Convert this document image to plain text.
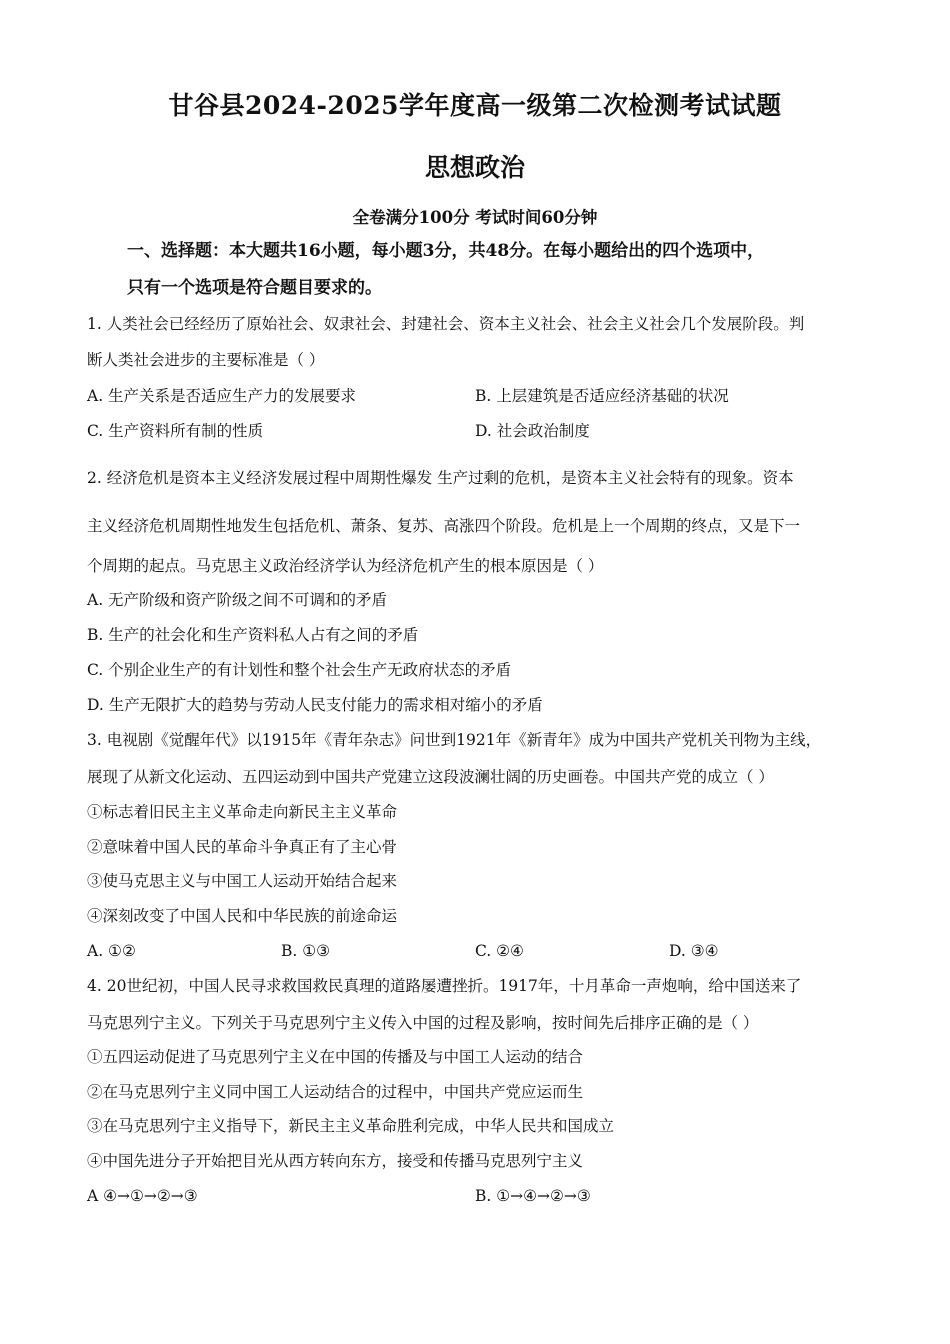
甘谷县2024-2025学年度高一级第二次检测考试试题
思想政治
全卷满分100分 考试时间60分钟
一、选择题：本大题共16小题，每小题3分，共48分。在每小题给出的四个选项中，
只有一个选项是符合题目要求的。
1. 人类社会已经经历了原始社会、奴隶社会、封建社会、资本主义社会、社会主义社会几个发展阶段。判
断人类社会进步的主要标准是（ ）
A. 生产关系是否适应生产力的发展要求	B. 上层建筑是否适应经济基础的状况
C. 生产资料所有制的性质	D. 社会政治制度
2. 经济危机是资本主义经济发展过程中周期性爆发 生产过剩的危机，是资本主义社会特有的现象。资本
主义经济危机周期性地发生包括危机、萧条、复苏、高涨四个阶段。危机是上一个周期的终点，又是下一
个周期的起点。马克思主义政治经济学认为经济危机产生的根本原因是（ ）
A. 无产阶级和资产阶级之间不可调和的矛盾
B. 生产的社会化和生产资料私人占有之间的矛盾
C. 个别企业生产的有计划性和整个社会生产无政府状态的矛盾
D. 生产无限扩大的趋势与劳动人民支付能力的需求相对缩小的矛盾
3. 电视剧《觉醒年代》以1915年《青年杂志》问世到1921年《新青年》成为中国共产党机关刊物为主线，
展现了从新文化运动、五四运动到中国共产党建立这段波澜壮阔的历史画卷。中国共产党的成立（ ）
①标志着旧民主主义革命走向新民主主义革命
②意味着中国人民的革命斗争真正有了主心骨
③使马克思主义与中国工人运动开始结合起来
④深刻改变了中国人民和中华民族的前途命运
A. ①②	B. ①③	C. ②④	D. ③④
4. 20世纪初，中国人民寻求救国救民真理的道路屡遭挫折。1917年，十月革命一声炮响，给中国送来了
马克思列宁主义。下列关于马克思列宁主义传入中国的过程及影响，按时间先后排序正确的是（ ）
①五四运动促进了马克思列宁主义在中国的传播及与中国工人运动的结合
②在马克思列宁主义同中国工人运动结合的过程中，中国共产党应运而生
③在马克思列宁主义指导下，新民主主义革命胜利完成，中华人民共和国成立
④中国先进分子开始把目光从西方转向东方，接受和传播马克思列宁主义
A ④→①→②→③	B. ①→④→②→③
